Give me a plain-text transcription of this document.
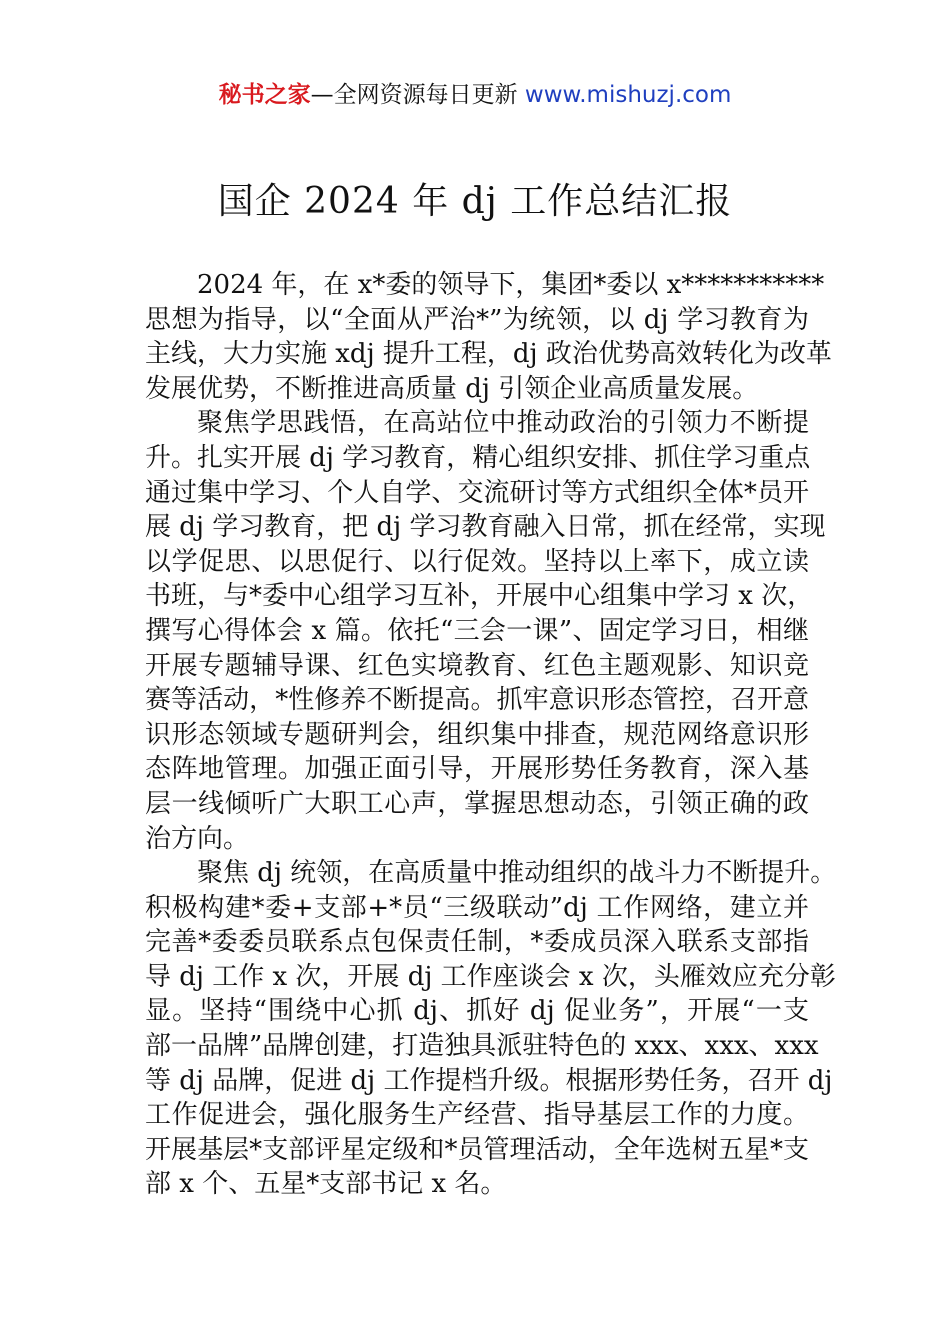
秘书之家—全网资源每日更新 www.mishuzj.com
国企 2024 年 dj 工作总结汇报
2024 年，在 x*委的领导下，集团*委以 x***********
思想为指导，以“全面从严治*”为统领，以 dj 学习教育为
主线，大力实施 xdj 提升工程，dj 政治优势高效转化为改革
发展优势，不断推进高质量 dj 引领企业高质量发展。
聚焦学思践悟，在高站位中推动政治的引领力不断提
升。扎实开展 dj 学习教育，精心组织安排、抓住学习重点
通过集中学习、个人自学、交流研讨等方式组织全体*员开
展 dj 学习教育，把 dj 学习教育融入日常，抓在经常，实现
以学促思、以思促行、以行促效。坚持以上率下，成立读
书班，与*委中心组学习互补，开展中心组集中学习 x 次，
撰写心得体会 x 篇。依托“三会一课”、固定学习日，相继
开展专题辅导课、红色实境教育、红色主题观影、知识竞
赛等活动，*性修养不断提高。抓牢意识形态管控，召开意
识形态领域专题研判会，组织集中排查，规范网络意识形
态阵地管理。加强正面引导，开展形势任务教育，深入基
层一线倾听广大职工心声，掌握思想动态，引领正确的政
治方向。
聚焦 dj 统领，在高质量中推动组织的战斗力不断提升。
积极构建*委+支部+*员“三级联动”dj 工作网络，建立并
完善*委委员联系点包保责任制，*委成员深入联系支部指
导 dj 工作 x 次，开展 dj 工作座谈会 x 次，头雁效应充分彰
显。坚持“围绕中心抓 dj、抓好 dj 促业务”，开展“一支
部一品牌”品牌创建，打造独具派驻特色的 xxx、xxx、xxx
等 dj 品牌，促进 dj 工作提档升级。根据形势任务，召开 dj
工作促进会，强化服务生产经营、指导基层工作的力度。
开展基层*支部评星定级和*员管理活动，全年选树五星*支
部 x 个、五星*支部书记 x 名。
